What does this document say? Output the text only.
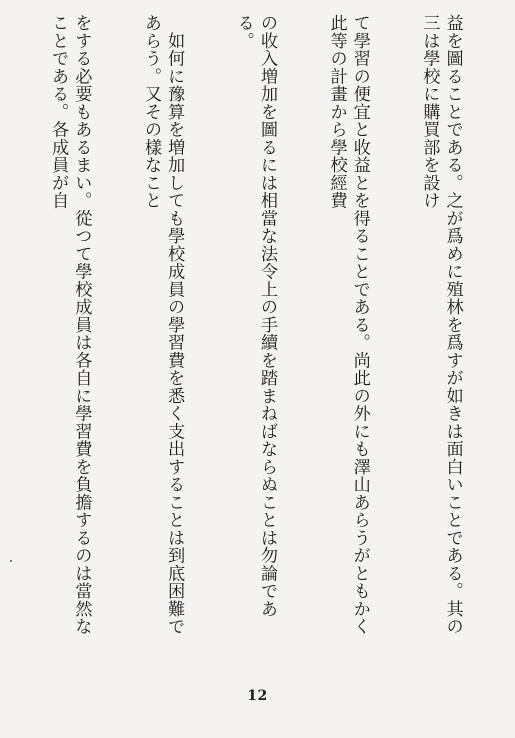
益を圖ることである。之が爲めに殖林を爲すが如きは面白いことである。其の三は學校に購買部を設け

て學習の便宜と收益とを得ることである。尚此の外にも澤山あらうがともかく此等の計畫から學校經費

の收入増加を圖るには相當な法令上の手續を踏まねばならぬことは勿論である。

　如何に豫算を増加しても學校成員の學習費を悉く支出することは到底困難であらう。又その樣なこと

をする必要もあるまい。從つて學校成員は各自に學習費を負擔するのは當然なことである。各成員が自

12
